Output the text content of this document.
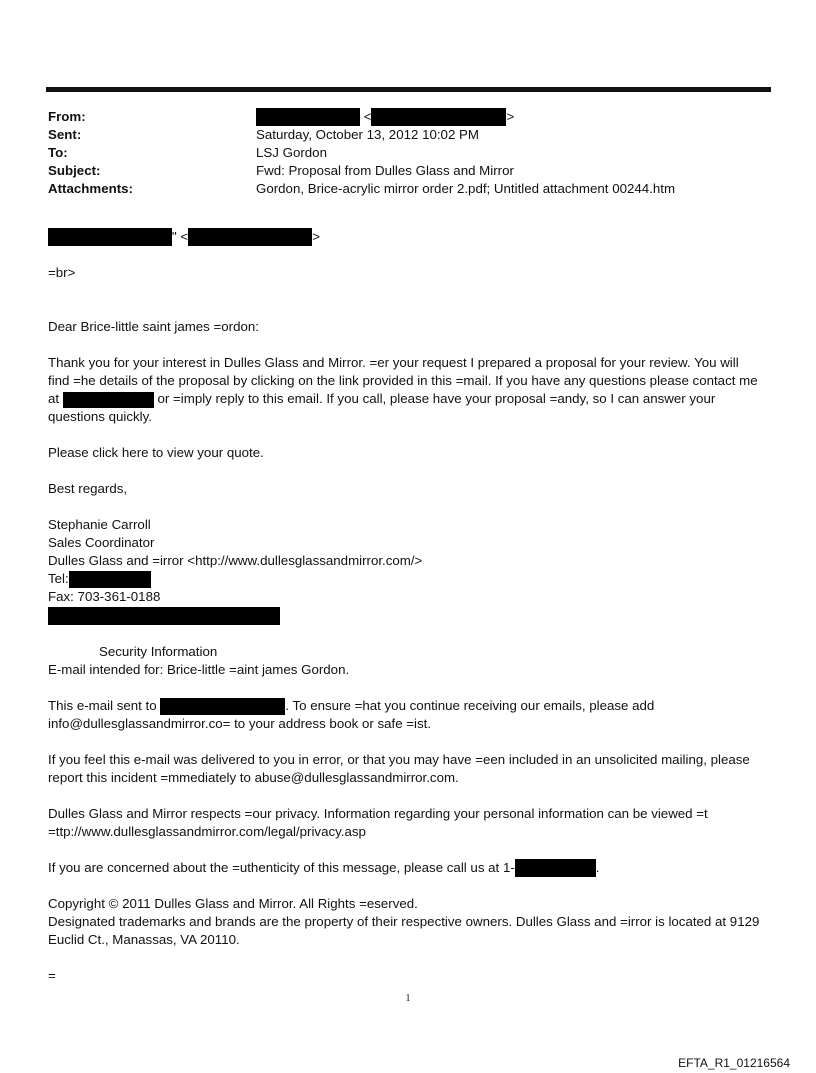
From:	<	>
Sent:	Saturday, October 13, 2012 10:02 PM
To:	LSJ Gordon
Subject:	Fwd: Proposal from Dulles Glass and Mirror
Attachments:	Gordon, Brice-acrylic mirror order 2.pdf; Untitled attachment 00244.htm

" <	>

=br>

Dear Brice-little saint james =ordon:

Thank you for your interest in Dulles Glass and Mirror. =er your request I prepared a proposal for your review. You will

find =he details of the proposal by clicking on the link provided in this =mail. If you have any questions please contact me

at	or =imply reply to this email. If you call, please have your proposal =andy, so I can answer your

questions quickly.

Please click here to view your quote.

Best regards,

Stephanie Carroll

Sales Coordinator

Dulles Glass and =irror <http://www.dullesglassandmirror.com/>

Tel:

Fax: 703-361-0188

Security Information

E-mail intended for: Brice-little =aint james Gordon.

This e-mail sent to	. To ensure =hat you continue receiving our emails, please add

info@dullesglassandmirror.co= to your address book or safe =ist.

If you feel this e-mail was delivered to you in error, or that you may have =een included in an unsolicited mailing, please

report this incident =mmediately to abuse@dullesglassandmirror.com.

Dulles Glass and Mirror respects =our privacy. Information regarding your personal information can be viewed =t

=ttp://www.dullesglassandmirror.com/legal/privacy.asp

If you are concerned about the =uthenticity of this message, please call us at 1-	.

Copyright © 2011 Dulles Glass and Mirror. All Rights =eserved.

Designated trademarks and brands are the property of their respective owners. Dulles Glass and =irror is located at 9129

Euclid Ct., Manassas, VA 20110.

=

1
EFTA_R1_01216564
